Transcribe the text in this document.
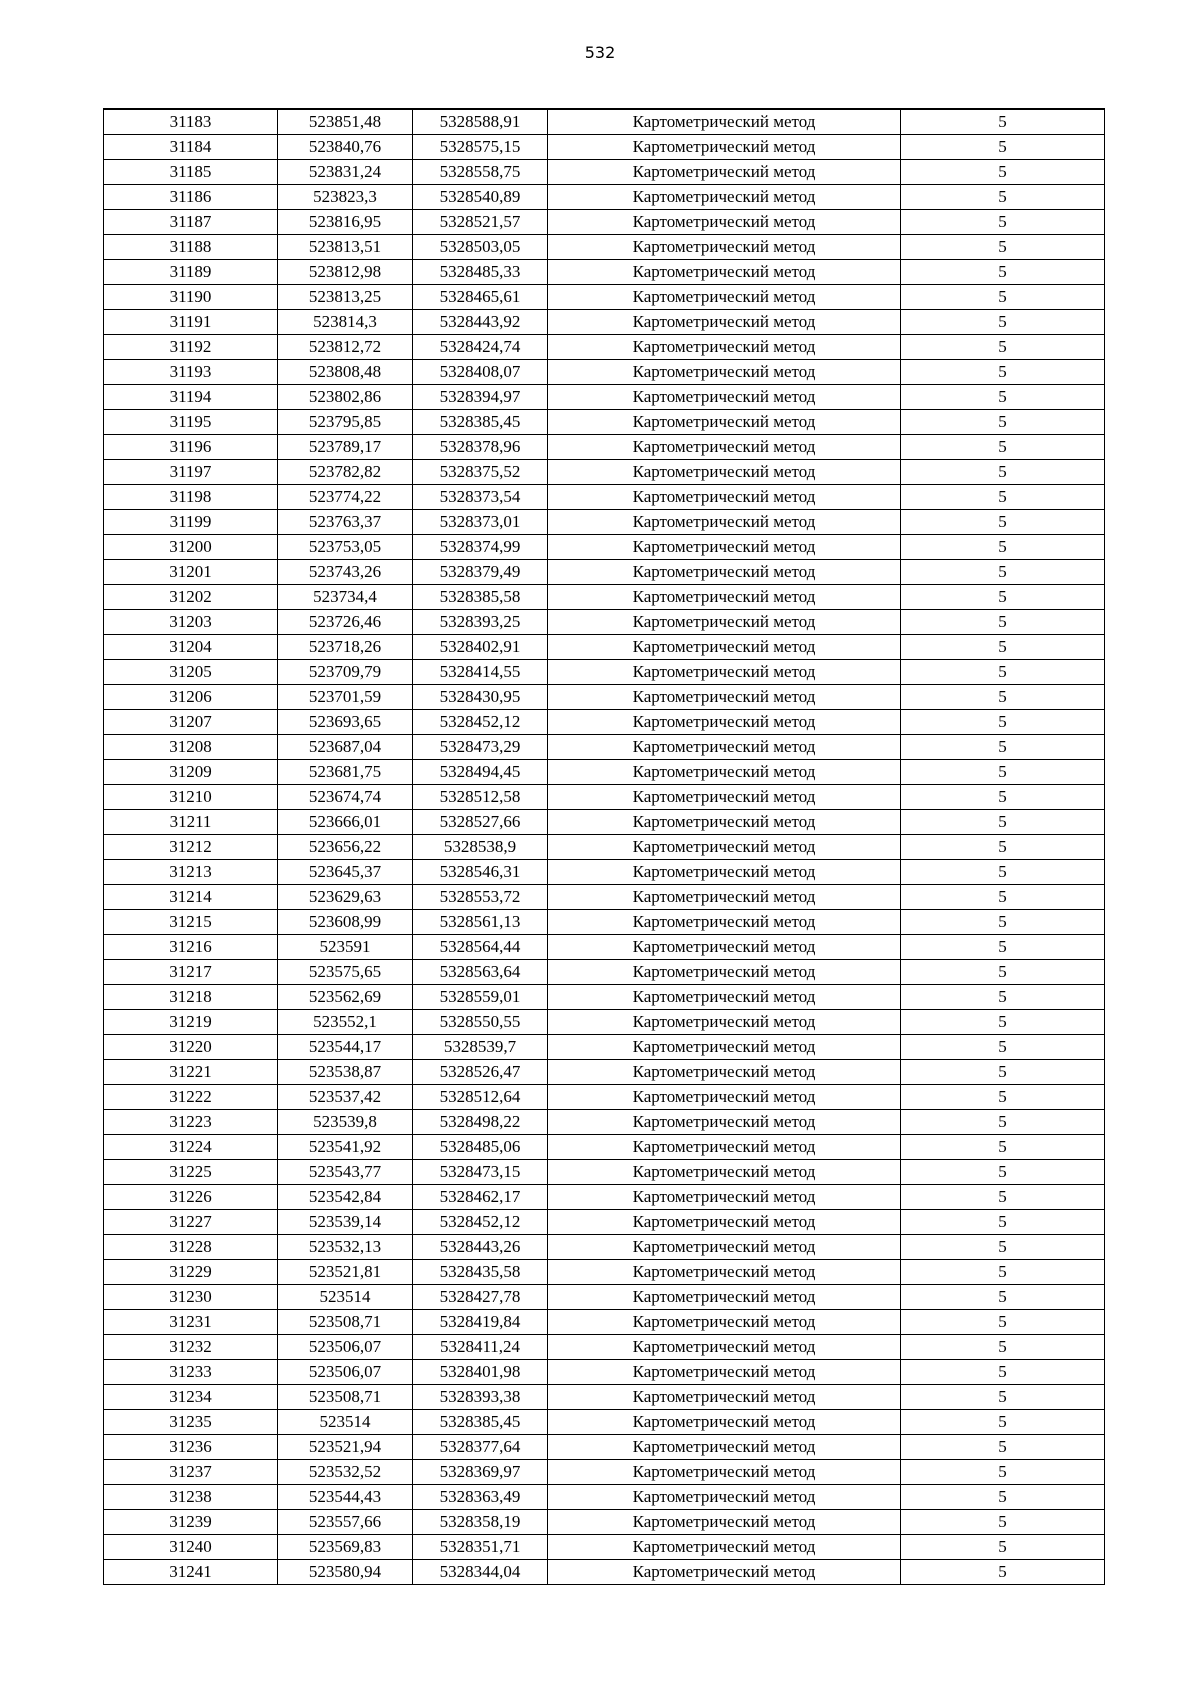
532
31183	523851,48	5328588,91	Картометрический метод	5
31184	523840,76	5328575,15	Картометрический метод	5
31185	523831,24	5328558,75	Картометрический метод	5
31186	523823,3	5328540,89	Картометрический метод	5
31187	523816,95	5328521,57	Картометрический метод	5
31188	523813,51	5328503,05	Картометрический метод	5
31189	523812,98	5328485,33	Картометрический метод	5
31190	523813,25	5328465,61	Картометрический метод	5
31191	523814,3	5328443,92	Картометрический метод	5
31192	523812,72	5328424,74	Картометрический метод	5
31193	523808,48	5328408,07	Картометрический метод	5
31194	523802,86	5328394,97	Картометрический метод	5
31195	523795,85	5328385,45	Картометрический метод	5
31196	523789,17	5328378,96	Картометрический метод	5
31197	523782,82	5328375,52	Картометрический метод	5
31198	523774,22	5328373,54	Картометрический метод	5
31199	523763,37	5328373,01	Картометрический метод	5
31200	523753,05	5328374,99	Картометрический метод	5
31201	523743,26	5328379,49	Картометрический метод	5
31202	523734,4	5328385,58	Картометрический метод	5
31203	523726,46	5328393,25	Картометрический метод	5
31204	523718,26	5328402,91	Картометрический метод	5
31205	523709,79	5328414,55	Картометрический метод	5
31206	523701,59	5328430,95	Картометрический метод	5
31207	523693,65	5328452,12	Картометрический метод	5
31208	523687,04	5328473,29	Картометрический метод	5
31209	523681,75	5328494,45	Картометрический метод	5
31210	523674,74	5328512,58	Картометрический метод	5
31211	523666,01	5328527,66	Картометрический метод	5
31212	523656,22	5328538,9	Картометрический метод	5
31213	523645,37	5328546,31	Картометрический метод	5
31214	523629,63	5328553,72	Картометрический метод	5
31215	523608,99	5328561,13	Картометрический метод	5
31216	523591	5328564,44	Картометрический метод	5
31217	523575,65	5328563,64	Картометрический метод	5
31218	523562,69	5328559,01	Картометрический метод	5
31219	523552,1	5328550,55	Картометрический метод	5
31220	523544,17	5328539,7	Картометрический метод	5
31221	523538,87	5328526,47	Картометрический метод	5
31222	523537,42	5328512,64	Картометрический метод	5
31223	523539,8	5328498,22	Картометрический метод	5
31224	523541,92	5328485,06	Картометрический метод	5
31225	523543,77	5328473,15	Картометрический метод	5
31226	523542,84	5328462,17	Картометрический метод	5
31227	523539,14	5328452,12	Картометрический метод	5
31228	523532,13	5328443,26	Картометрический метод	5
31229	523521,81	5328435,58	Картометрический метод	5
31230	523514	5328427,78	Картометрический метод	5
31231	523508,71	5328419,84	Картометрический метод	5
31232	523506,07	5328411,24	Картометрический метод	5
31233	523506,07	5328401,98	Картометрический метод	5
31234	523508,71	5328393,38	Картометрический метод	5
31235	523514	5328385,45	Картометрический метод	5
31236	523521,94	5328377,64	Картометрический метод	5
31237	523532,52	5328369,97	Картометрический метод	5
31238	523544,43	5328363,49	Картометрический метод	5
31239	523557,66	5328358,19	Картометрический метод	5
31240	523569,83	5328351,71	Картометрический метод	5
31241	523580,94	5328344,04	Картометрический метод	5
